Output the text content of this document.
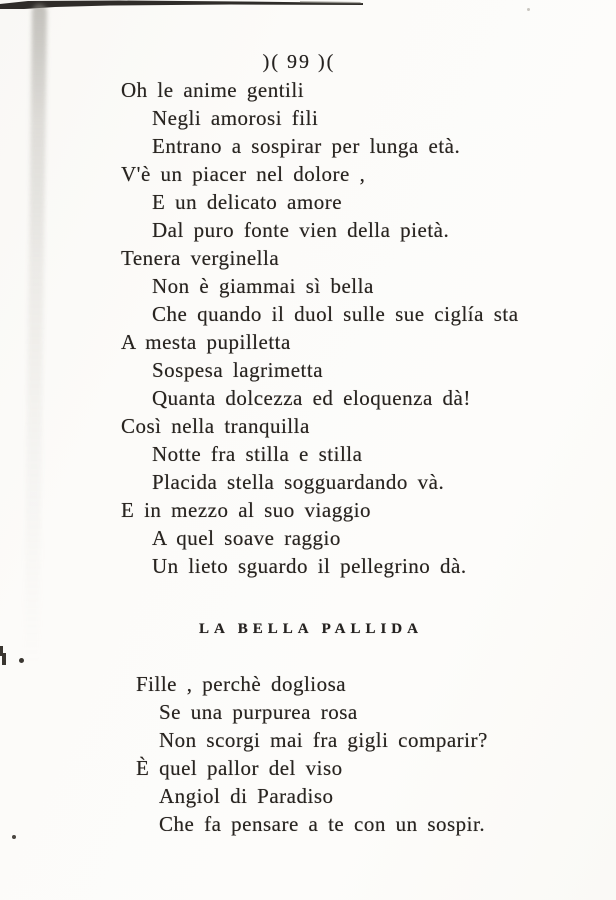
)( 99 )(
Oh le anime gentili
Negli amorosi fili
Entrano a sospirar per lunga età.
V'è un piacer nel dolore ,
E un delicato amore
Dal puro fonte vien della pietà.
Tenera verginella
Non è giammai sì bella
Che quando il duol sulle sue ciglía sta
A mesta pupilletta
Sospesa lagrimetta
Quanta dolcezza ed eloquenza dà!
Così nella tranquilla
Notte fra stilla e stilla
Placida stella sogguardando và.
E in mezzo al suo viaggio
A quel soave raggio
Un lieto sguardo il pellegrino dà.
LA BELLA PALLIDA
Fille , perchè dogliosa
Se una purpurea rosa
Non scorgi mai fra gigli comparir?
È quel pallor del viso
Angiol di Paradiso
Che fa pensare a te con un sospir.
